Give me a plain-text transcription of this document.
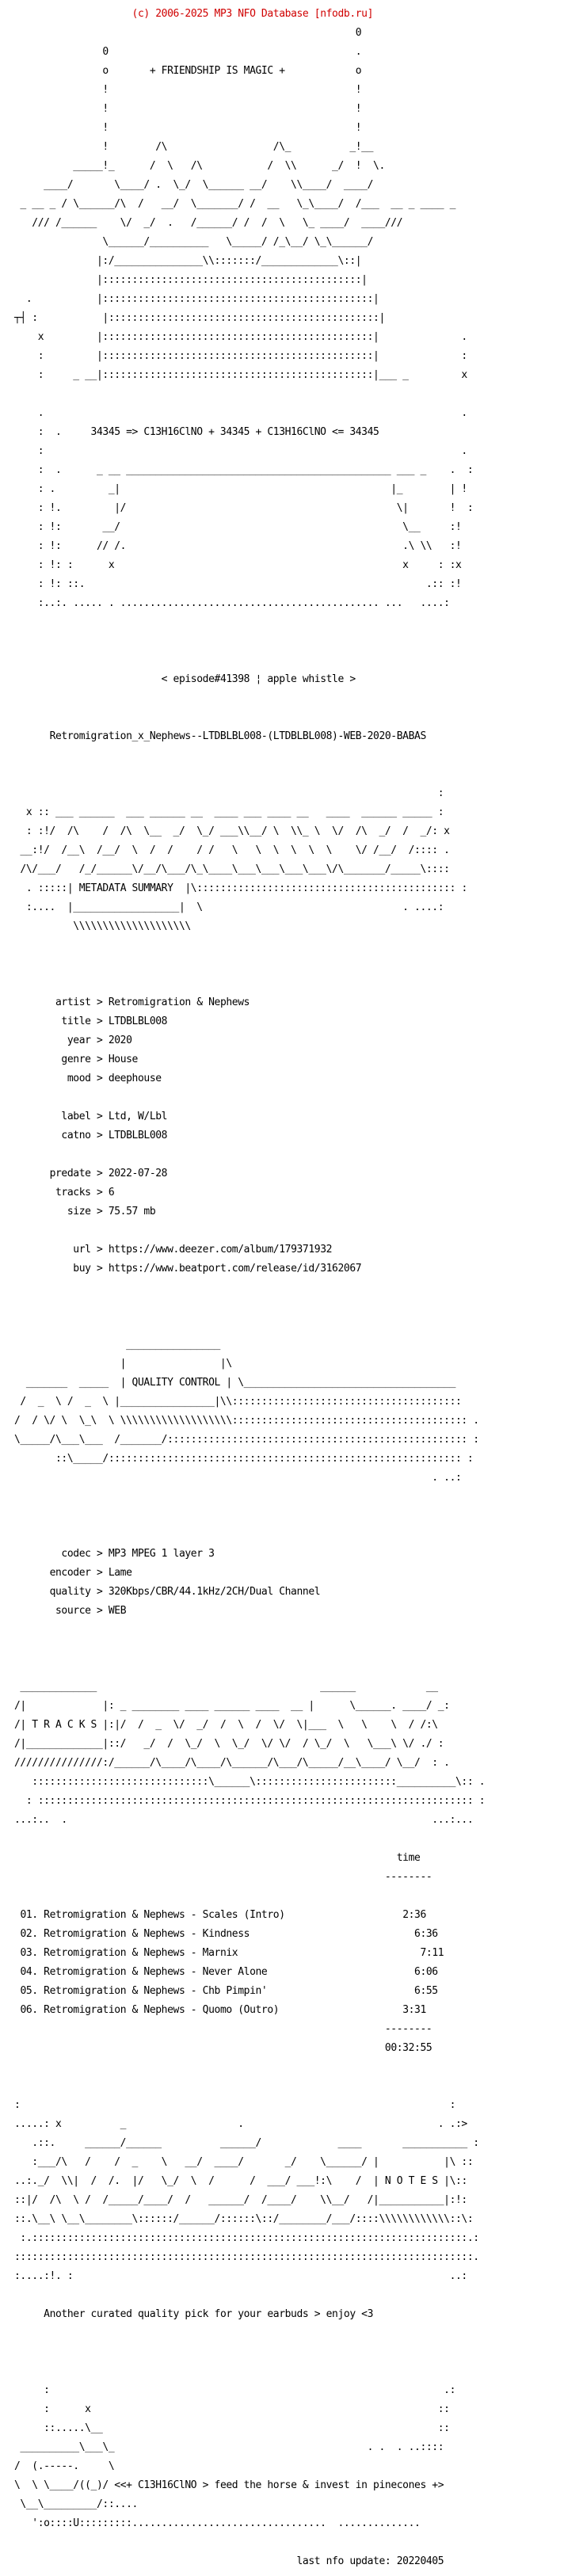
(c) 2006-2025 MP3 NFO Database [nfodb.ru]

0

0                                          .

o       + FRIENDSHIP IS MAGIC +            o

!                                          !

!                                          !

!                                          !

!        /\                  /\_          _!__

_____!_      /  \   /\           /  \\      _/  !  \.

____/       \____/ .  \_/  \______ __/    \\____/  ____/

_ __ _ / \______/\  /   __/  \_______/ /  __   \_\____/  /___  __ _ ____ _

/// /______    \/  _/  .   /______/ /  /  \   \_ ____/  ____///

\______/__________   \_____/ /_\__/ \_\______/

|:/_______________\\:::::::/_____________\::|

|::::::::::::::::::::::::::::::::::::::::::::|

.           |::::::::::::::::::::::::::::::::::::::::::::::|

┬┤ :           |::::::::::::::::::::::::::::::::::::::::::::::|

x         |::::::::::::::::::::::::::::::::::::::::::::::|              .

:         |::::::::::::::::::::::::::::::::::::::::::::::|              :

:     _ __|::::::::::::::::::::::::::::::::::::::::::::::|___ _         x

.                                                                       .

:  .     34345 => C13H16ClNO + 34345 + C13H16ClNO <= 34345

:                                                                       .

:  .      _ __ _____________________________________________ ___ _    .  :

: .         _|                                              |_        | !

: !.         |/                                              \|       !  :

: !:       __/                                                \__     :!

: !:      // /.                                               .\ \\   :!

: !: :      x                                                 x     : :x

: !: ::.                                                          .:: :!

:..:. ..... . ............................................ ...   ....:

< episode#41398 ¦ apple whistle >

Retromigration_x_Nephews--LTDBLBL008-(LTDBLBL008)-WEB-2020-BABAS

:

x :: ___ ______  ___ ______ __  ____ ___ ____ __   ____  ______ _____ :

: :!/  /\    /  /\  \__  _/  \_/ ___\\__/ \  \\_ \  \/  /\  _/  /  _/: x

__:!/  /__\  /__/  \  /  /    / /   \   \  \  \  \  \    \/ /__/  /:::: .

/\/___/   /_/______\/__/\___/\_\____\___\___\___\___\/\_______/_____\::::

. :::::| METADATA SUMMARY  |\:::::::::::::::::::::::::::::::::::::::::::: :

:....  |__________________|  \                                  . ....:

\\\\\\\\\\\\\\\\\\\\

artist > Retromigration & Nephews

title > LTDBLBL008

year > 2020

genre > House

mood > deephouse

label > Ltd, W/Lbl

catno > LTDBLBL008

predate > 2022-07-28

tracks > 6

size > 75.57 mb

url > https://www.deezer.com/album/179371932

buy > https://www.beatport.com/release/id/3162067

________________

|                |\

_______  _____  | QUALITY CONTROL | \____________________________________

/  _  \ /  _  \ |________________|\\:::::::::::::::::::::::::::::::::::::::

/  / \/ \  \_\  \ \\\\\\\\\\\\\\\\\\\:::::::::::::::::::::::::::::::::::::::: .

\_____/\___\___  /_______/::::::::::::::::::::::::::::::::::::::::::::::::::: :

::\_____/:::::::::::::::::::::::::::::::::::::::::::::::::::::::::::: :

. ..:

codec > MP3 MPEG 1 layer 3

encoder > Lame

quality > 320Kbps/CBR/44.1kHz/2CH/Dual Channel

source > WEB

_____________                                      ______            __

/|             |: _ ________ ____ ______ ____  __ |      \______. ____/ _:

/| T R A C K S |:|/  /  _  \/  _/  /  \  /  \/  \|___  \   \    \  / /:\

/|_____________|::/   _/  /  \_/  \  \_/  \/ \/  / \_/  \   \___\ \/ ./ :

///////////////:/______/\____/\____/\______/\___/\_____/__\____/ \__/  : .

::::::::::::::::::::::::::::::\______\::::::::::::::::::::::::__________\:: .

: :::::::::::::::::::::::::::::::::::::::::::::::::::::::::::::::::::::::::: :

...:..  .                                                              ...:...

time

--------

01. Retromigration & Nephews - Scales (Intro)	2:36

02. Retromigration & Nephews - Kindness	6:36

03. Retromigration & Nephews - Marnix	7:11

04. Retromigration & Nephews - Never Alone	6:06

05. Retromigration & Nephews - Chb Pimpin'	6:55

06. Retromigration & Nephews - Quomo (Outro)	3:31

--------

00:32:55

:                                                                         :

.....: x          _                   .                                 . .:>

.::.     ______/______          ______/             ____       ___________ :

:___/\   /    /  _    \   __/  ____/       _/    \______/ |           |\ ::

..:._/  \\|  /  /.  |/   \_/  \  /      /  ___/ ___!:\    /  | N O T E S |\::

::|/  /\  \ /  /_____/____/  /   ______/  /____/    \\__/   /|___________|:!:

::.\__\ \__\________\::::::/______/::::::\::/________/___/::::\\\\\\\\\\\\::\:

:.::::::::::::::::::::::::::::::::::::::::::::::::::::::::::::::::::::::::::.:

::::::::::::::::::::::::::::::::::::::::::::::::::::::::::::::::::::::::::::::.

:....:!. :                                                                ..:

Another curated quality pick for your earbuds > enjoy <3

:                                                                   .:

:      x                                                           ::

::.....\__                                                         ::

__________\___\_                                           . .  . ..::::

/  (.-----.     \

\  \ \____/((_)/ <<+ C13H16ClNO > feed the horse & invest in pinecones +>

\__\_________/::....

':o::::U:::::::::.................................  ..............

last nfo update: 20220405
